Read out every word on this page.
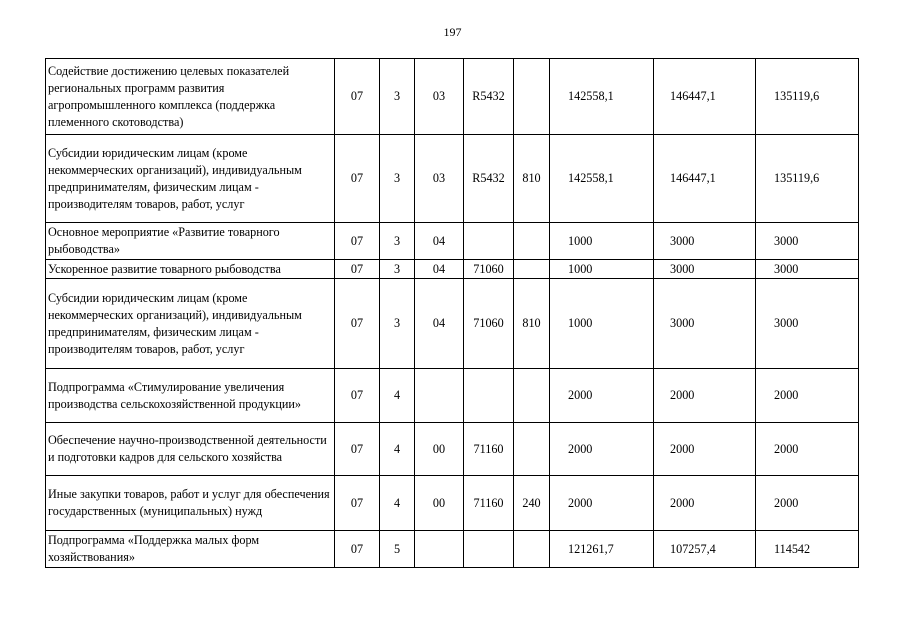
197
Содействие достижению целевых показателей региональных программ развития агропромышленного комплекса (поддержка племенного скотоводства)	07	3	03	R5432		142558,1	146447,1	135119,6
Субсидии юридическим лицам (кроме некоммерческих организаций), индивидуальным предпринимателям, физическим лицам - производителям товаров, работ, услуг	07	3	03	R5432	810	142558,1	146447,1	135119,6
Основное мероприятие «Развитие товарного рыбоводства»	07	3	04			1000	3000	3000
Ускоренное развитие товарного рыбоводства	07	3	04	71060		1000	3000	3000
Субсидии юридическим лицам (кроме некоммерческих организаций), индивидуальным предпринимателям, физическим лицам - производителям товаров, работ, услуг	07	3	04	71060	810	1000	3000	3000
Подпрограмма «Стимулирование увеличения производства сельскохозяйственной продукции»	07	4				2000	2000	2000
Обеспечение научно-производственной деятельности и подготовки кадров для сельского хозяйства	07	4	00	71160		2000	2000	2000
Иные закупки товаров, работ и услуг для обеспечения государственных (муниципальных) нужд	07	4	00	71160	240	2000	2000	2000
Подпрограмма «Поддержка малых форм хозяйствования»	07	5				121261,7	107257,4	114542
